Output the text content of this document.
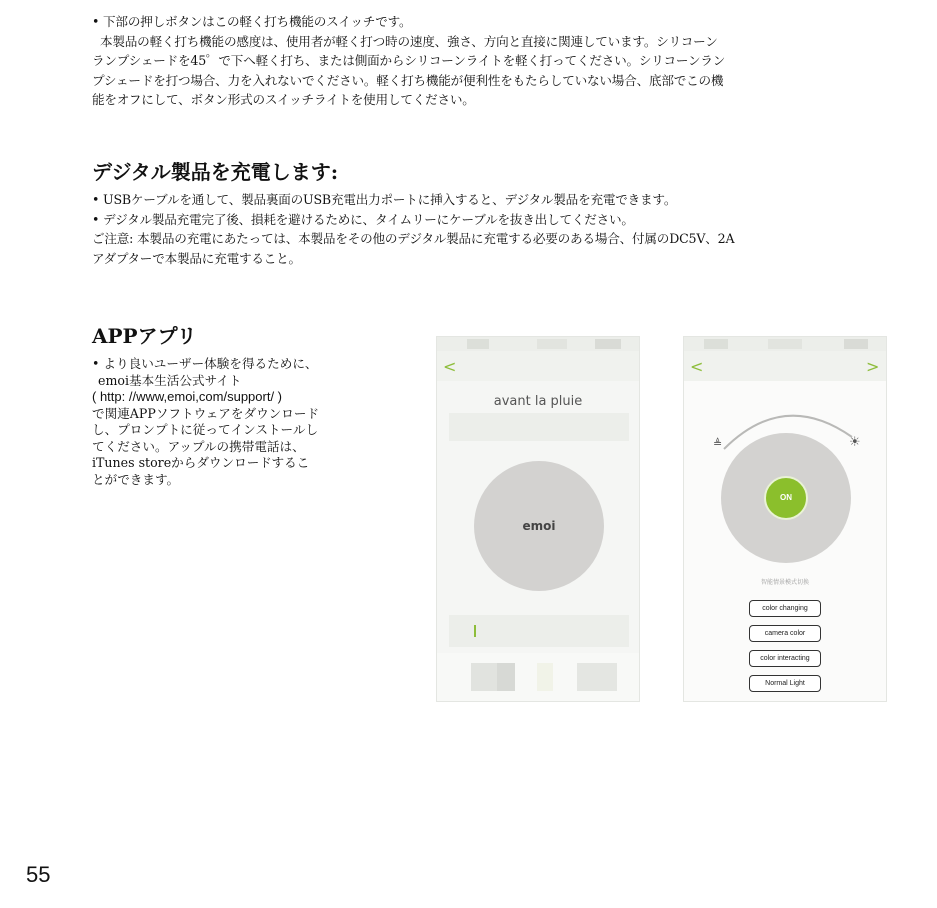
• 下部の押しボタンはこの軽く打ち機能のスイッチです。
本製品の軽く打ち機能の感度は、使用者が軽く打つ時の速度、強さ、方向と直接に関連しています。シリコーン
ランプシェードを45゜で下へ軽く打ち、または側面からシリコーンライトを軽く打ってください。シリコーンラン
プシェードを打つ場合、力を入れないでください。軽く打ち機能が便利性をもたらしていない場合、底部でこの機
能をオフにして、ボタン形式のスイッチライトを使用してください。
デジタル製品を充電します:
• USBケーブルを通して、製品裏面のUSB充電出力ポートに挿入すると、デジタル製品を充電できます。
• デジタル製品充電完了後、損耗を避けるために、タイムリーにケーブルを抜き出してください。
ご注意: 本製品の充電にあたっては、本製品をその他のデジタル製品に充電する必要のある場合、付属のDC5V、2A
アダプターで本製品に充電すること。
APPアプリ
• より良いユーザー体験を得るために、
emoi基本生活公式サイト
( http: //www,emoi,com/support/ )
で関連APPソフトウェアをダウンロード
し、プロンプトに従ってインストールし
てください。アップルの携帯電話は、
iTunes storeからダウンロードするこ
とができます。
<
avant la pluie
emoi
<	>
≜	☀
ON
智能情景模式切换
color changing
camera color
color interacting
Normal Light
55
